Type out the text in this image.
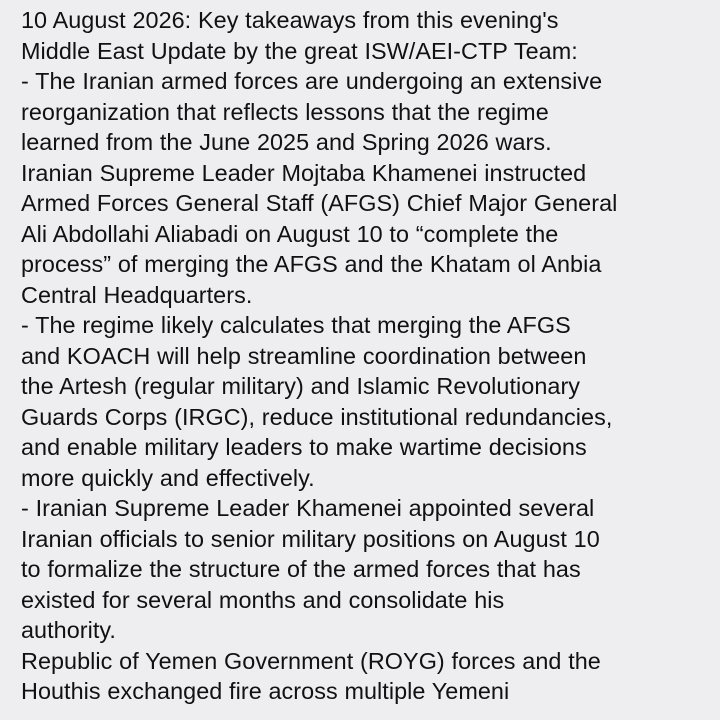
10 August 2026: Key takeaways from this evening's
Middle East Update by the great ISW/AEI-CTP Team:
- The Iranian armed forces are undergoing an extensive
reorganization that reflects lessons that the regime
learned from the June 2025 and Spring 2026 wars.
Iranian Supreme Leader Mojtaba Khamenei instructed
Armed Forces General Staff (AFGS) Chief Major General
Ali Abdollahi Aliabadi on August 10 to “complete the
process” of merging the AFGS and the Khatam ol Anbia
Central Headquarters.
- The regime likely calculates that merging the AFGS
and KOACH will help streamline coordination between
the Artesh (regular military) and Islamic Revolutionary
Guards Corps (IRGC), reduce institutional redundancies,
and enable military leaders to make wartime decisions
more quickly and effectively.
- Iranian Supreme Leader Khamenei appointed several
Iranian officials to senior military positions on August 10
to formalize the structure of the armed forces that has
existed for several months and consolidate his
authority.
Republic of Yemen Government (ROYG) forces and the
Houthis exchanged fire across multiple Yemeni
